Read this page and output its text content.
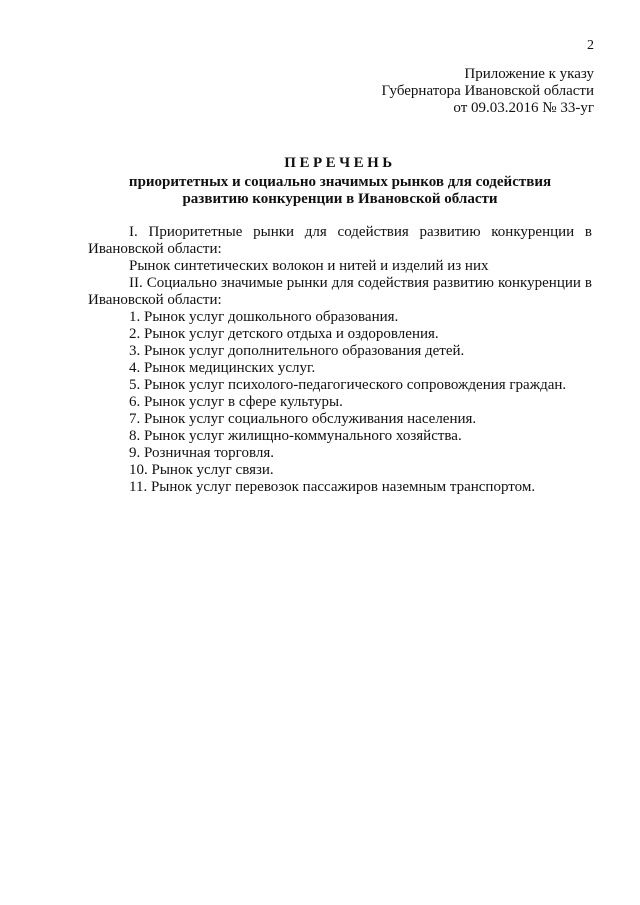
2
Приложение к указу
Губернатора Ивановской области
от 09.03.2016 № 33-уг
ПЕРЕЧЕНЬ
приоритетных и социально значимых рынков для содействия
развитию конкуренции в Ивановской области
I. Приоритетные рынки для содействия развитию конкуренции в
Ивановской области:
Рынок синтетических волокон и нитей и изделий из них
II. Социально значимые рынки для содействия развитию конкуренции в
Ивановской области:
1. Рынок услуг дошкольного образования.
2. Рынок услуг детского отдыха и оздоровления.
3. Рынок услуг дополнительного образования детей.
4. Рынок медицинских услуг.
5. Рынок услуг психолого-педагогического сопровождения граждан.
6. Рынок услуг в сфере культуры.
7. Рынок услуг социального обслуживания населения.
8. Рынок услуг жилищно-коммунального хозяйства.
9. Розничная торговля.
10. Рынок услуг связи.
11. Рынок услуг перевозок пассажиров наземным транспортом.
